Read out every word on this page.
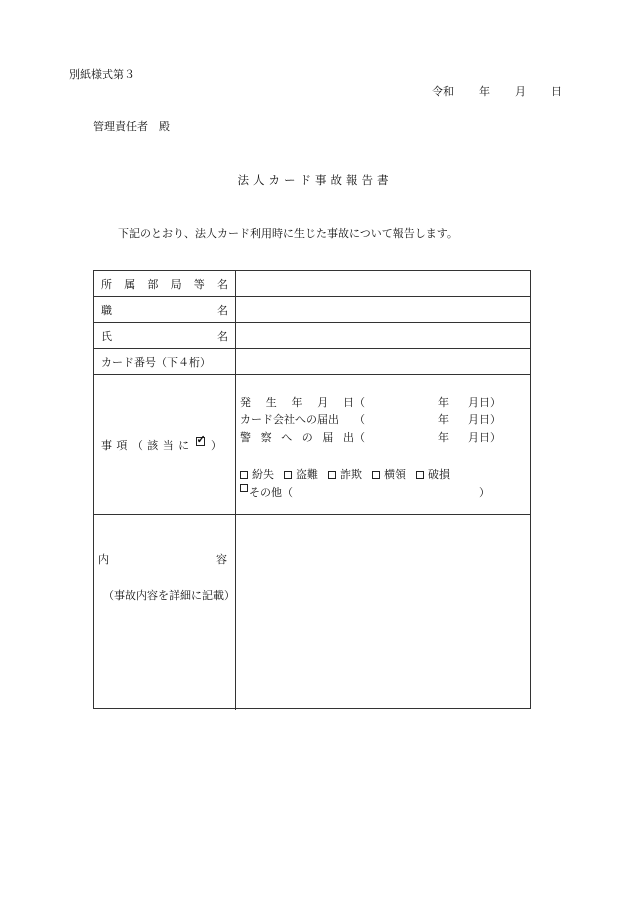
別紙様式第３
令和 年 月 日
管理責任者　殿
法人カード事故報告書
下記のとおり、法人カード利用時に生じた事故について報告します。
所 属 部 局 等 名
職	名
氏	名
カード番号（下４桁）
事 項 （ 該 当 に
✓ ）
発 生 年 月 日 （	年	月 日）
カード会社への届出	（	年	月 日）
警 察 へ の 届 出 （	年	月 日）
紛失	盗難	詐欺	横領	破損
その他（	）
内	容
（事故内容を詳細に記載）
